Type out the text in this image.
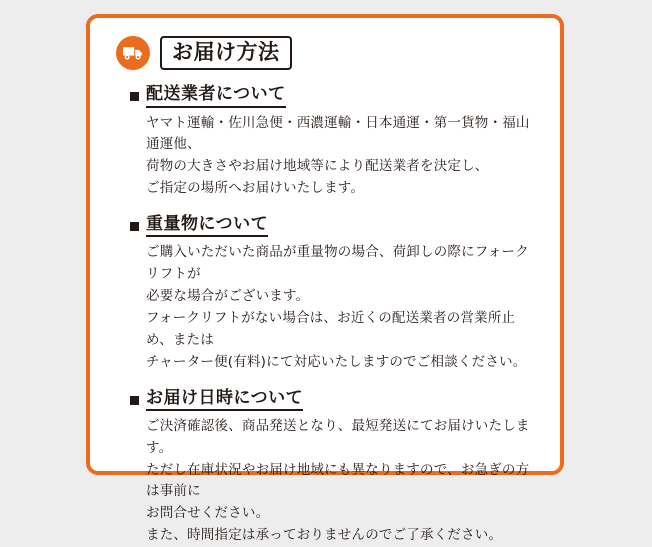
お届け方法
配送業者について

ヤマト運輸・佐川急便・西濃運輸・日本通運・第一貨物・福山通運他、

荷物の大きさやお届け地域等により配送業者を決定し、

ご指定の場所へお届けいたします。

重量物について

ご購入いただいた商品が重量物の場合、荷卸しの際にフォークリフトが

必要な場合がございます。

フォークリフトがない場合は、お近くの配送業者の営業所止め、または

チャーター便(有料)にて対応いたしますのでご相談ください。

お届け日時について

ご決済確認後、商品発送となり、最短発送にてお届けいたします。

ただし在庫状況やお届け地域にも異なりますので、お急ぎの方は事前に

お問合せください。

また、時間指定は承っておりませんのでご了承ください。
